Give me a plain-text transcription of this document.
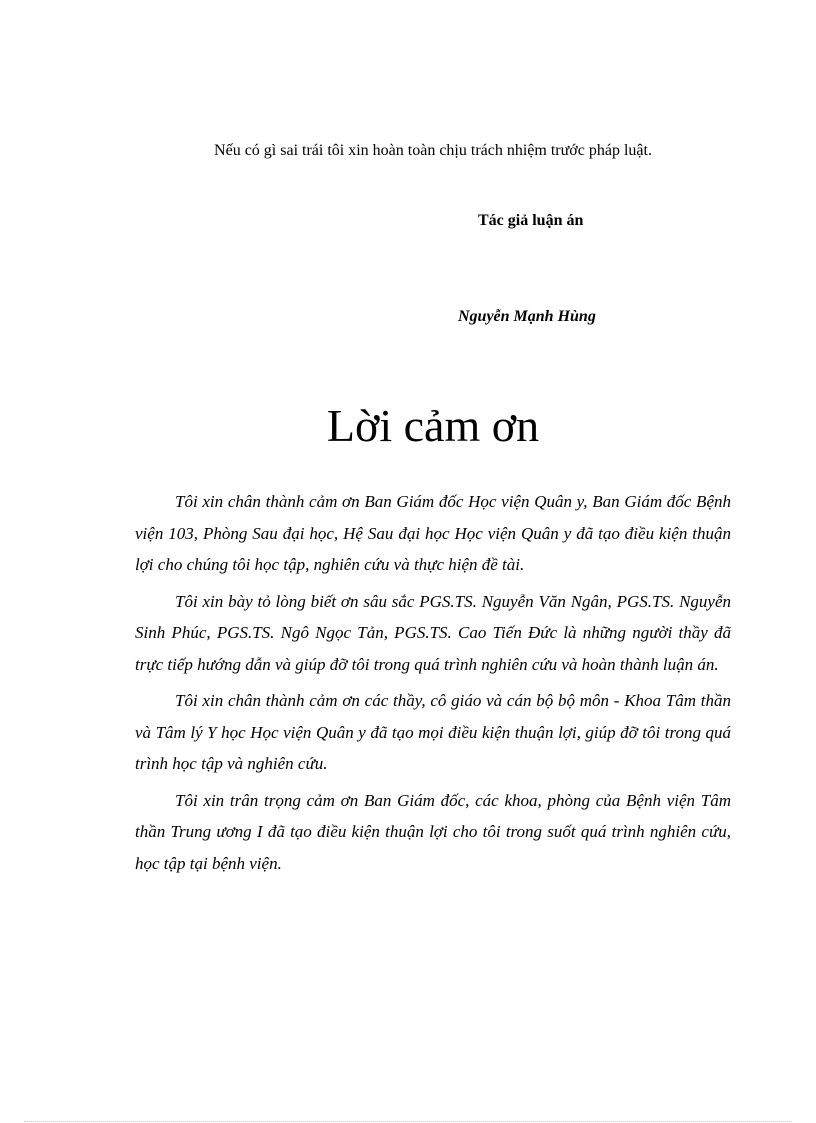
Nếu có gì sai trái tôi xin hoàn toàn chịu trách nhiệm trước pháp luật.

Tác giả luận án

Nguyễn Mạnh Hùng

Lời cảm ơn

Tôi xin chân thành cảm ơn Ban Giám đốc Học viện Quân y, Ban Giám đốc Bệnh viện 103, Phòng Sau đại học, Hệ Sau đại học Học viện Quân y đã tạo điều kiện thuận lợi cho chúng tôi học tập, nghiên cứu và thực hiện đề tài.

Tôi xin bày tỏ lòng biết ơn sâu sắc PGS.TS. Nguyễn Văn Ngân, PGS.TS. Nguyễn Sinh Phúc, PGS.TS. Ngô Ngọc Tản, PGS.TS. Cao Tiến Đức là những người thầy đã trực tiếp hướng dẫn và giúp đỡ tôi trong quá trình nghiên cứu và hoàn thành luận án.

Tôi xin chân thành cảm ơn các thầy, cô giáo và cán bộ bộ môn - Khoa Tâm thần và Tâm lý Y học Học viện Quân y đã tạo mọi điều kiện thuận lợi, giúp đỡ tôi trong quá trình học tập và nghiên cứu.

Tôi xin trân trọng cảm ơn Ban Giám đốc, các khoa, phòng của Bệnh viện Tâm thần Trung ương I đã tạo điều kiện thuận lợi cho tôi trong suốt quá trình nghiên cứu, học tập tại bệnh viện.
